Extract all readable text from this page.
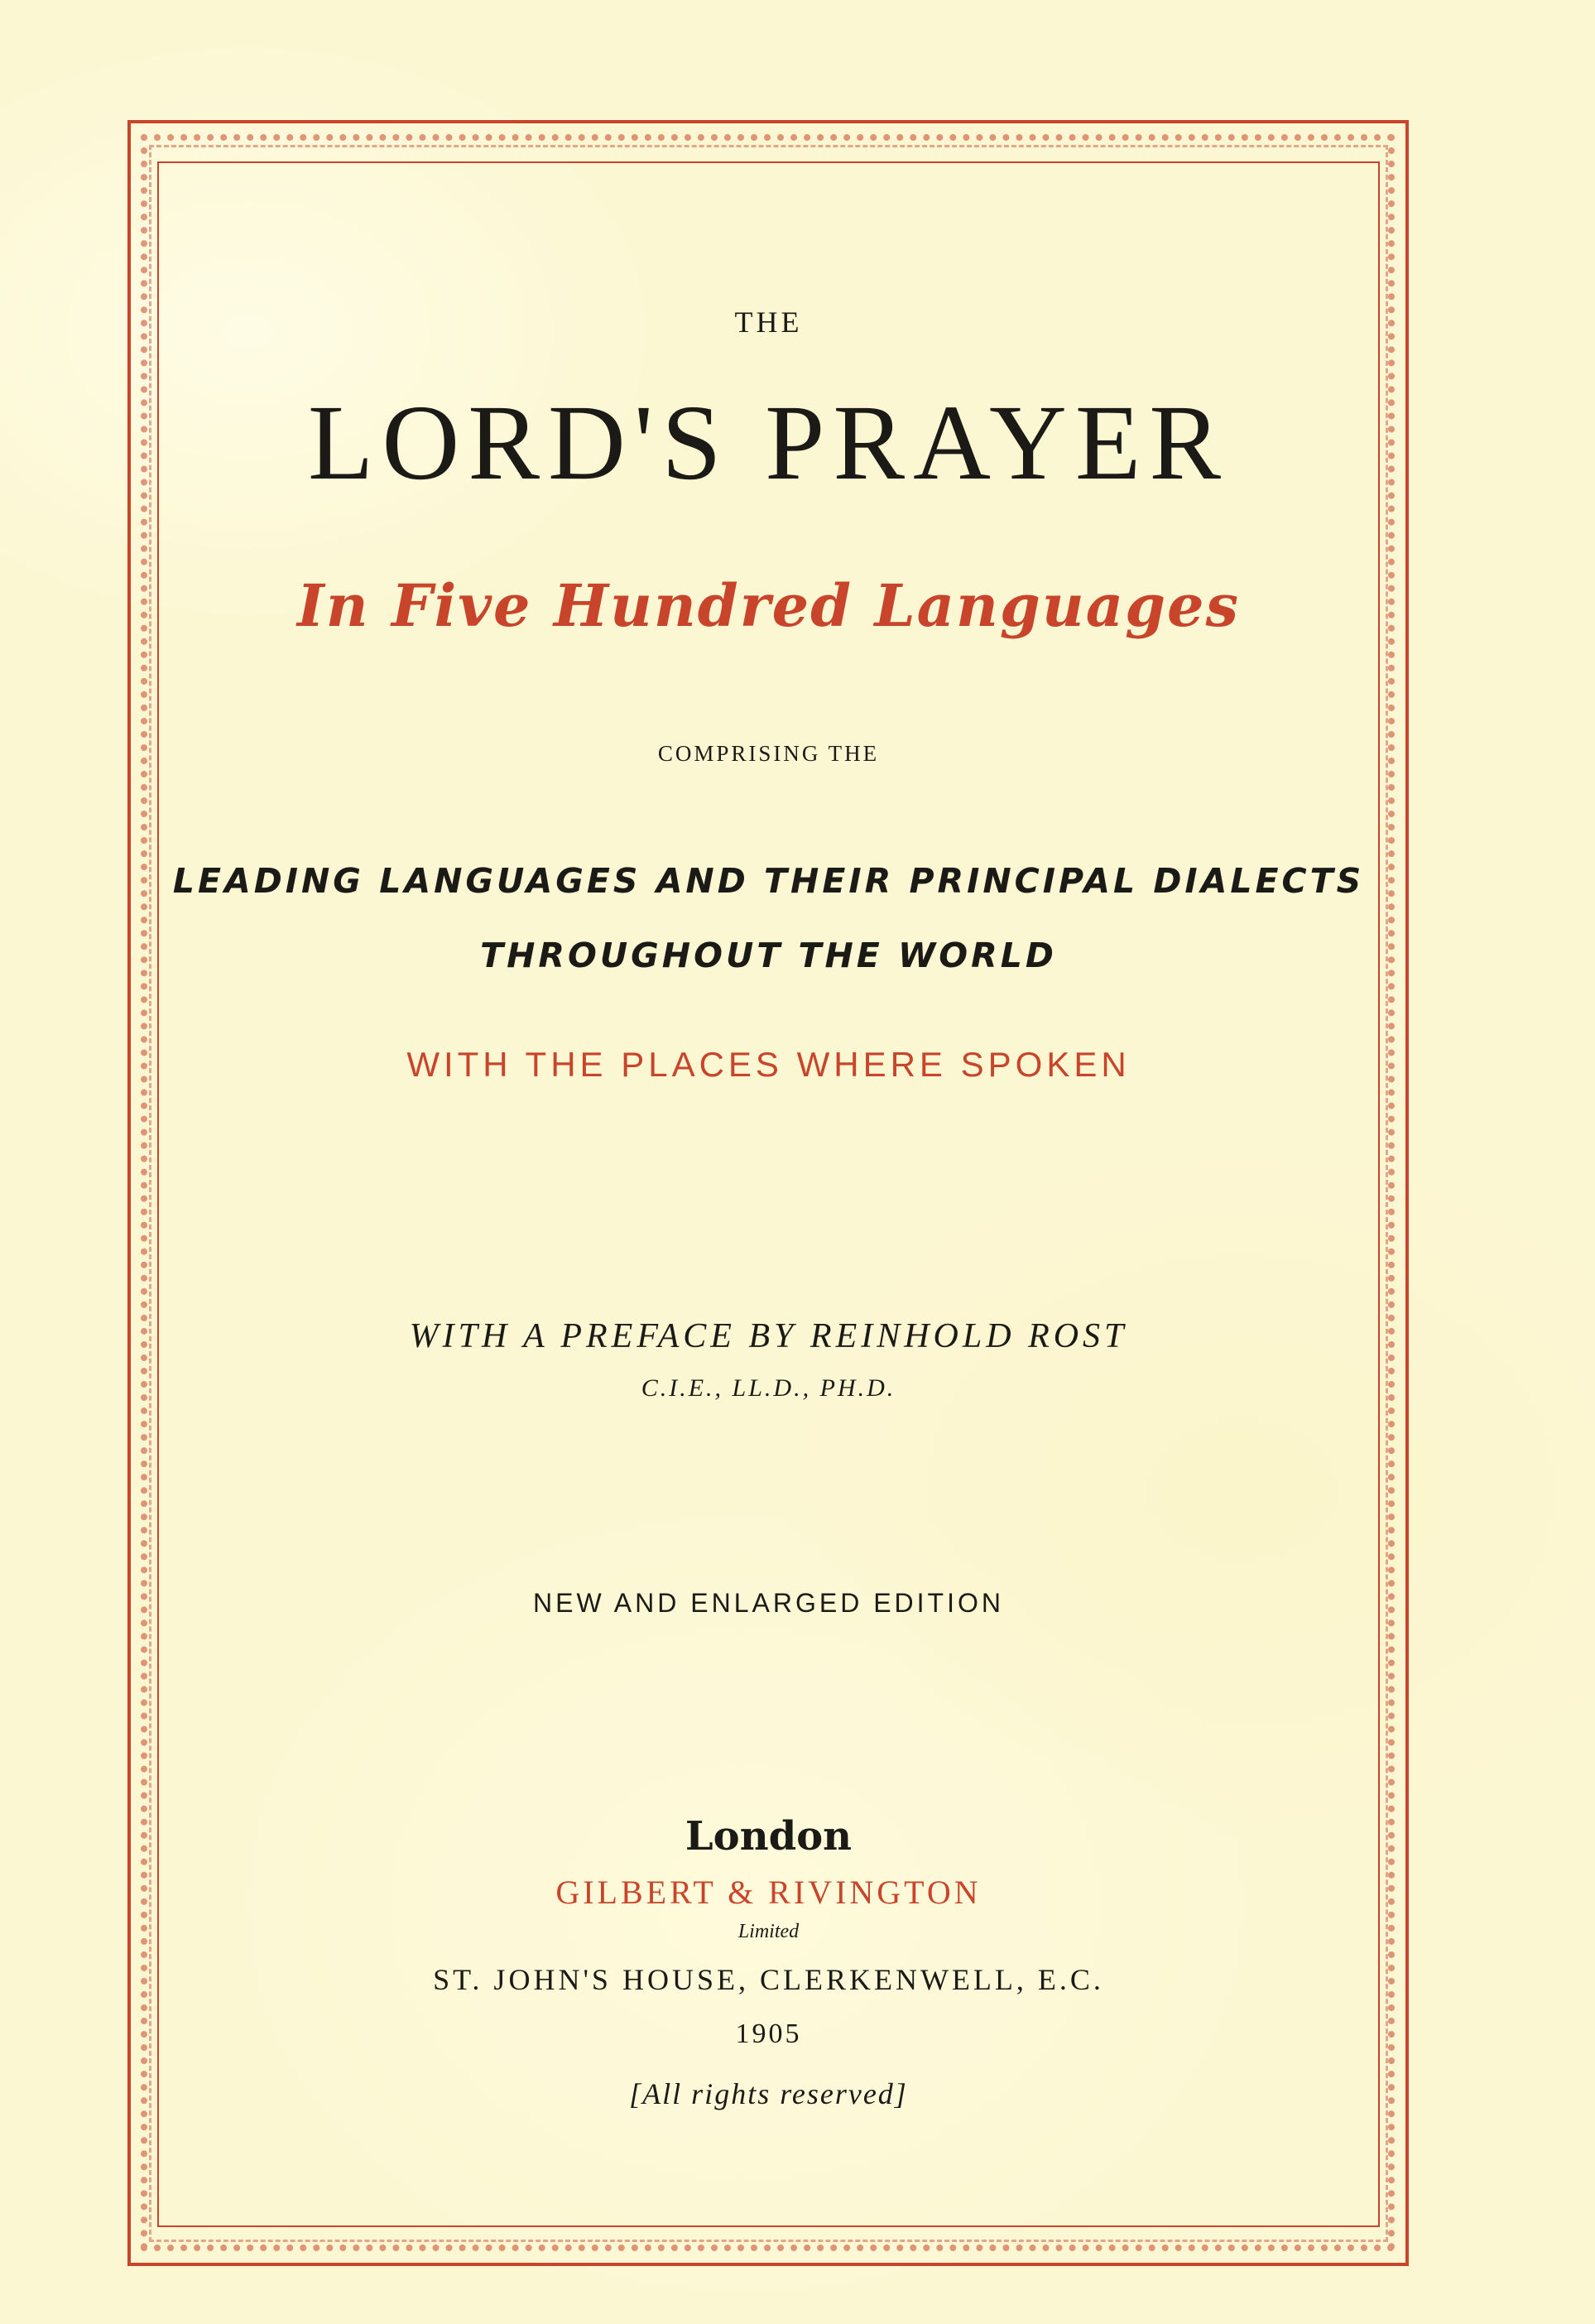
THE

LORD'S PRAYER

In Five Hundred Languages

COMPRISING THE

LEADING LANGUAGES AND THEIR PRINCIPAL DIALECTS

THROUGHOUT THE WORLD

WITH THE PLACES WHERE SPOKEN

WITH A PREFACE BY REINHOLD ROST

C.I.E., LL.D., PH.D.

NEW AND ENLARGED EDITION

London

GILBERT & RIVINGTON

Limited

ST. JOHN'S HOUSE, CLERKENWELL, E.C.

1905

[All rights reserved]
